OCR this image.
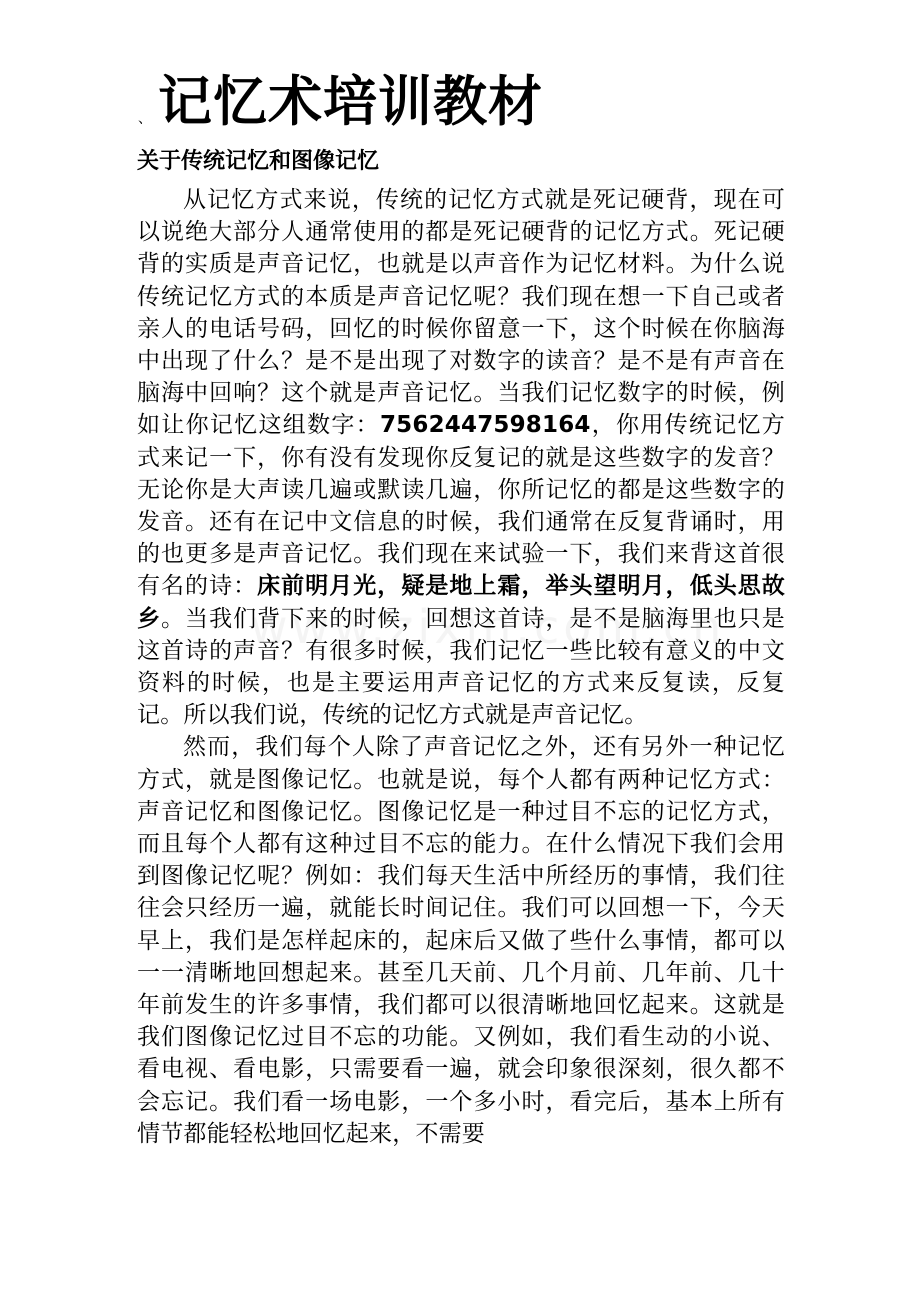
、 记忆术培训教材
关于传统记忆和图像记忆

从记忆方式来说，传统的记忆方式就是死记硬背，现在可以说绝大部分人通常使用的都是死记硬背的记忆方式。死记硬背的实质是声音记忆，也就是以声音作为记忆材料。为什么说传统记忆方式的本质是声音记忆呢？我们现在想一下自己或者亲人的电话号码，回忆的时候你留意一下，这个时候在你脑海中出现了什么？是不是出现了对数字的读音？是不是有声音在脑海中回响？这个就是声音记忆。当我们记忆数字的时候，例如让你记忆这组数字：7562447598164，你用传统记忆方式来记一下，你有没有发现你反复记的就是这些数字的发音？无论你是大声读几遍或默读几遍，你所记忆的都是这些数字的发音。还有在记中文信息的时候，我们通常在反复背诵时，用的也更多是声音记忆。我们现在来试验一下，我们来背这首很有名的诗：床前明月光，疑是地上霜，举头望明月，低头思故乡。当我们背下来的时候，回想这首诗，是不是脑海里也只是这首诗的声音？有很多时候，我们记忆一些比较有意义的中文资料的时候，也是主要运用声音记忆的方式来反复读，反复记。所以我们说，传统的记忆方式就是声音记忆。

然而，我们每个人除了声音记忆之外，还有另外一种记忆方式，就是图像记忆。也就是说，每个人都有两种记忆方式：声音记忆和图像记忆。图像记忆是一种过目不忘的记忆方式，而且每个人都有这种过目不忘的能力。在什么情况下我们会用到图像记忆呢？例如：我们每天生活中所经历的事情，我们往往会只经历一遍，就能长时间记住。我们可以回想一下，今天早上，我们是怎样起床的，起床后又做了些什么事情，都可以一一清晰地回想起来。甚至几天前、几个月前、几年前、几十年前发生的许多事情，我们都可以很清晰地回忆起来。这就是我们图像记忆过目不忘的功能。又例如，我们看生动的小说、看电视、看电影，只需要看一遍，就会印象很深刻，很久都不会忘记。我们看一场电影，一个多小时，看完后，基本上所有情节都能轻松地回忆起来，不需要
